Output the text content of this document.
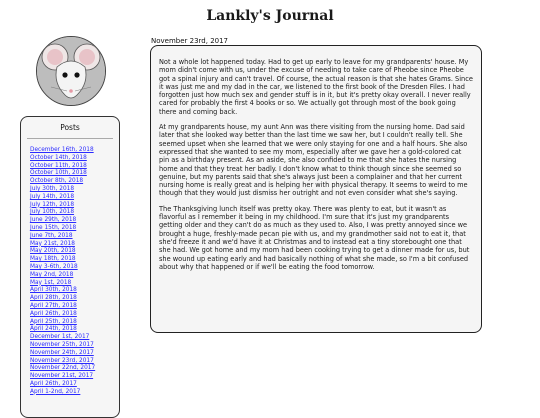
Lankly's Journal
Posts
December 16th, 2018
October 14th, 2018
October 11th, 2018
October 10th, 2018
October 8th, 2018
July 30th, 2018
July 14th, 2018
July 12th, 2018
July 10th, 2018
June 29th, 2018
June 15th, 2018
June 7th, 2018
May 21st, 2018
May 20th, 2018
May 18th, 2018
May 3-6th, 2018
May 2nd, 2018
May 1st, 2018
April 30th, 2018
April 28th, 2018
April 27th, 2018
April 26th, 2018
April 25th, 2018
April 24th, 2018
December 1st, 2017
November 25th, 2017
November 24th, 2017
November 23rd, 2017
November 22nd, 2017
November 21st, 2017
April 26th, 2017
April 1-2nd, 2017
November 23rd, 2017

Not a whole lot happened today. Had to get up early to leave for my grandparents' house. My mom didn't come with us, under the excuse of needing to take care of Pheobe since Pheobe got a spinal injury and can't travel. Of course, the actual reason is that she hates Grams. Since it was just me and my dad in the car, we listened to the first book of the Dresden Files. I had forgotten just how much sex and gender stuff is in it, but it's pretty okay overall. I never really cared for probably the first 4 books or so. We actually got through most of the book going there and coming back.

At my grandparents house, my aunt Ann was there visiting from the nursing home. Dad said later that she looked way better than the last time we saw her, but I couldn't really tell. She seemed upset when she learned that we were only staying for one and a half hours. She also expressed that she wanted to see my mom, especially after we gave her a gold-colored cat pin as a birthday present. As an aside, she also confided to me that she hates the nursing home and that they treat her badly. I don't know what to think though since she seemed so genuine, but my parents said that she's always just been a complainer and that her current nursing home is really great and is helping her with physical therapy. It seems to weird to me though that they would just dismiss her outright and not even consider what she's saying.

The Thanksgiving lunch itself was pretty okay. There was plenty to eat, but it wasn't as flavorful as I remember it being in my childhood. I'm sure that it's just my grandparents getting older and they can't do as much as they used to. Also, I was pretty annoyed since we brought a huge, freshly-made pecan pie with us, and my grandmother said not to eat it, that she'd freeze it and we'd have it at Christmas and to instead eat a tiny storebought one that she had. We got home and my mom had been cooking trying to get a dinner made for us, but she wound up eating early and had basically nothing of what she made, so I'm a bit confused about why that happened or if we'll be eating the food tomorrow.
